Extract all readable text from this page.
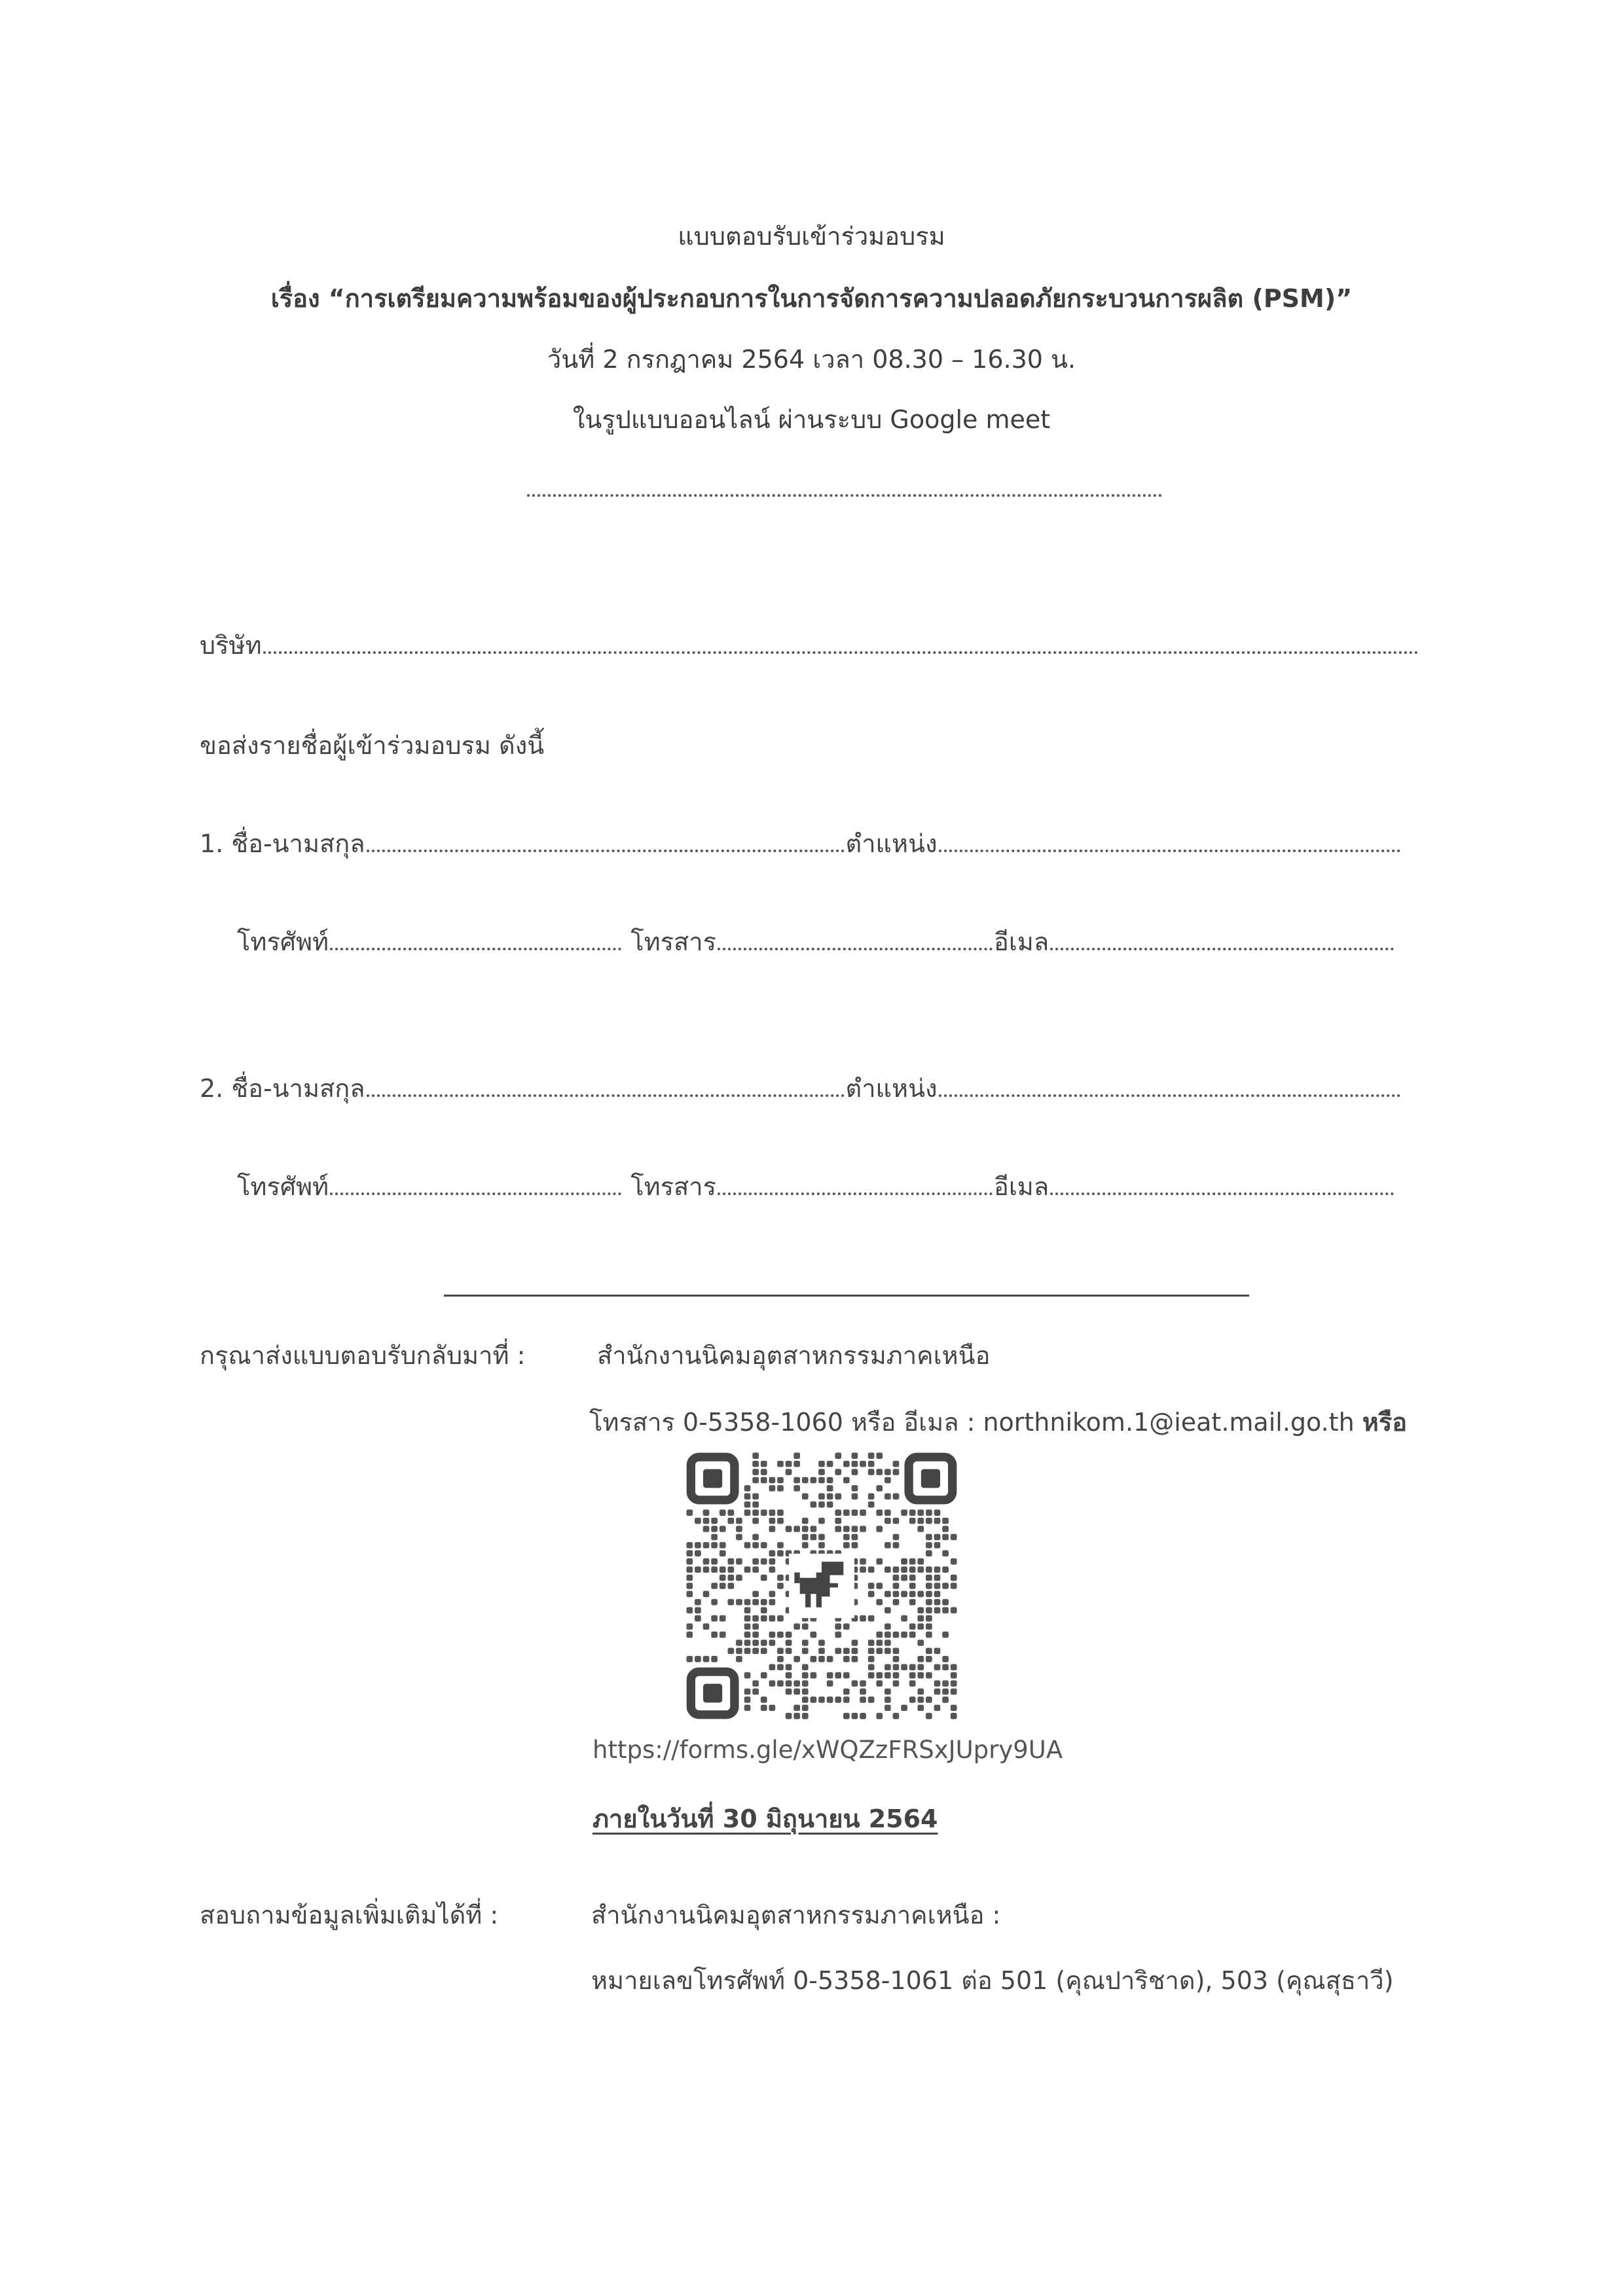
แบบตอบรับเข้าร่วมอบรม
เรื่อง “การเตรียมความพร้อมของผู้ประกอบการในการจัดการความปลอดภัยกระบวนการผลิต (PSM)”
วันที่ 2 กรกฎาคม 2564 เวลา 08.30 – 16.30 น.
ในรูปแบบออนไลน์ ผ่านระบบ Google meet
บริษัท
ขอส่งรายชื่อผู้เข้าร่วมอบรม ดังนี้
1. ชื่อ-นามสกุล	ตำแหน่ง
โทรศัพท์	โทรสาร	อีเมล
2. ชื่อ-นามสกุล	ตำแหน่ง
โทรศัพท์	โทรสาร	อีเมล
กรุณาส่งแบบตอบรับกลับมาที่ :	สำนักงานนิคมอุตสาหกรรมภาคเหนือ
โทรสาร 0-5358-1060 หรือ อีเมล : northnikom.1@ieat.mail.go.th หรือ
https://forms.gle/xWQZzFRSxJUpry9UA
ภายในวันที่ 30 มิถุนายน 2564
สอบถามข้อมูลเพิ่มเติมได้ที่ :	สำนักงานนิคมอุตสาหกรรมภาคเหนือ :
หมายเลขโทรศัพท์ 0-5358-1061 ต่อ 501 (คุณปาริชาด), 503 (คุณสุธาวี)
